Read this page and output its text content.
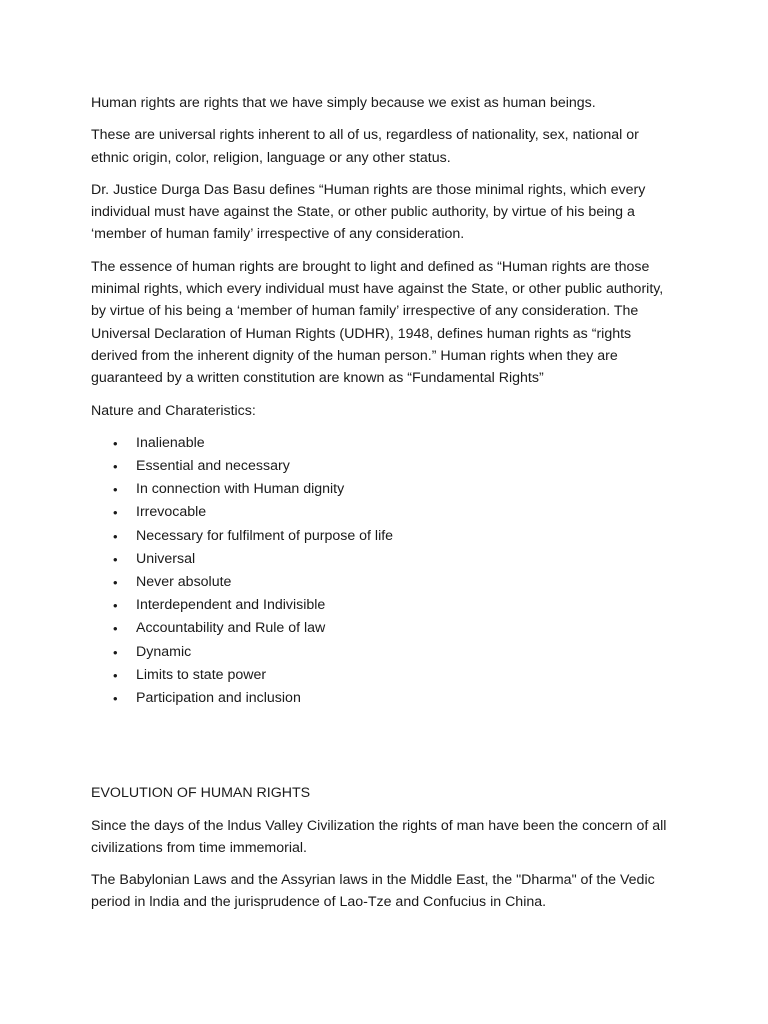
Human rights are rights that we have simply because we exist as human beings.

These are universal rights inherent to all of us, regardless of nationality, sex, national or ethnic origin, color, religion, language or any other status.

Dr. Justice Durga Das Basu defines “Human rights are those minimal rights, which every individual must have against the State, or other public authority, by virtue of his being a ‘member of human family’ irrespective of any consideration.

The essence of human rights are brought to light and defined as “Human rights are those minimal rights, which every individual must have against the State, or other public authority, by virtue of his being a ‘member of human family’ irrespective of any consideration. The Universal Declaration of Human Rights (UDHR), 1948, defines human rights as “rights derived from the inherent dignity of the human person.” Human rights when they are guaranteed by a written constitution are known as “Fundamental Rights”

Nature and Charateristics:

• Inalienable
• Essential and necessary
• In connection with Human dignity
• Irrevocable
• Necessary for fulfilment of purpose of life
• Universal
• Never absolute
• Interdependent and Indivisible
• Accountability and Rule of law
• Dynamic
• Limits to state power
• Participation and inclusion

EVOLUTION OF HUMAN RIGHTS

Since the days of the lndus Valley Civilization the rights of man have been the concern of all civilizations from time immemorial.

The Babylonian Laws and the Assyrian laws in the Middle East, the "Dharma" of the Vedic period in lndia and the jurisprudence of Lao-Tze and Confucius in China.
